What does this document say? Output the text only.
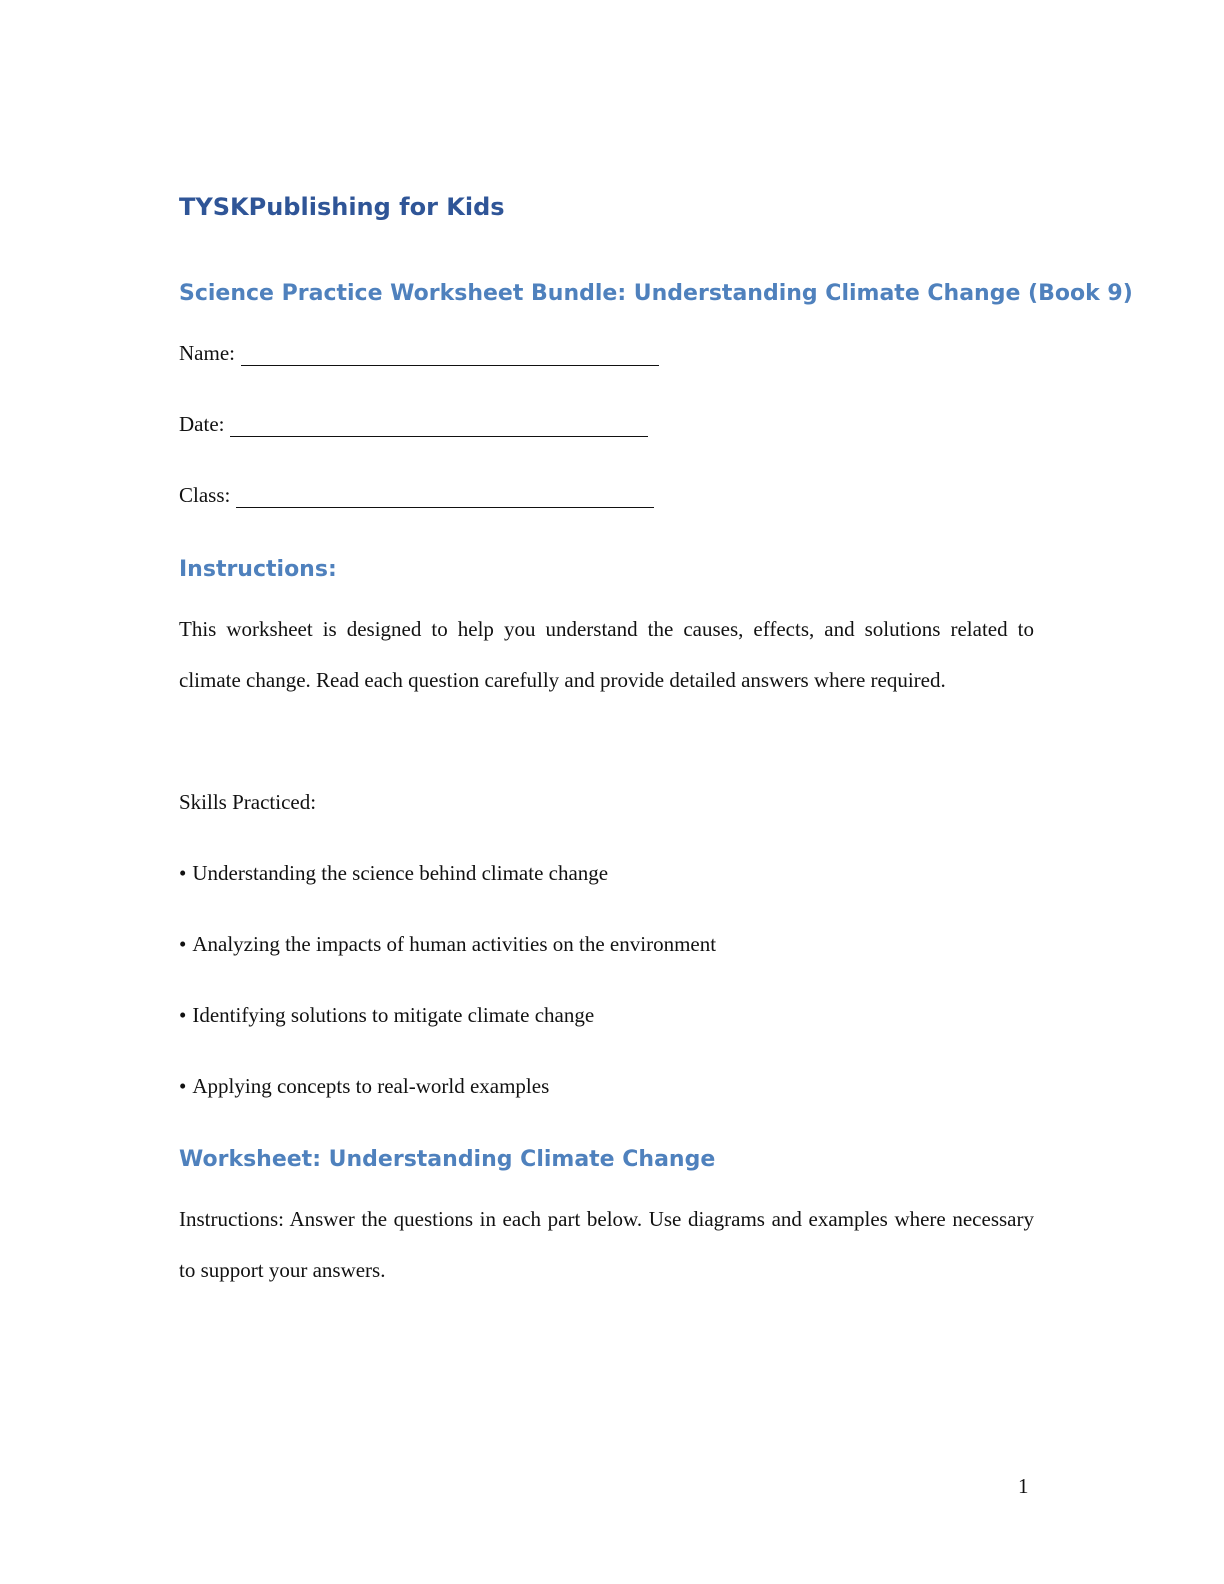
TYSKPublishing for Kids
Science Practice Worksheet Bundle: Understanding Climate Change (Book 9)
Name:
Date:
Class:
Instructions:
This worksheet is designed to help you understand the causes, effects, and solutions related to climate change. Read each question carefully and provide detailed answers where required.
Skills Practiced:
• Understanding the science behind climate change
• Analyzing the impacts of human activities on the environment
• Identifying solutions to mitigate climate change
• Applying concepts to real-world examples
Worksheet: Understanding Climate Change
Instructions: Answer the questions in each part below. Use diagrams and examples where necessary to support your answers.
1
